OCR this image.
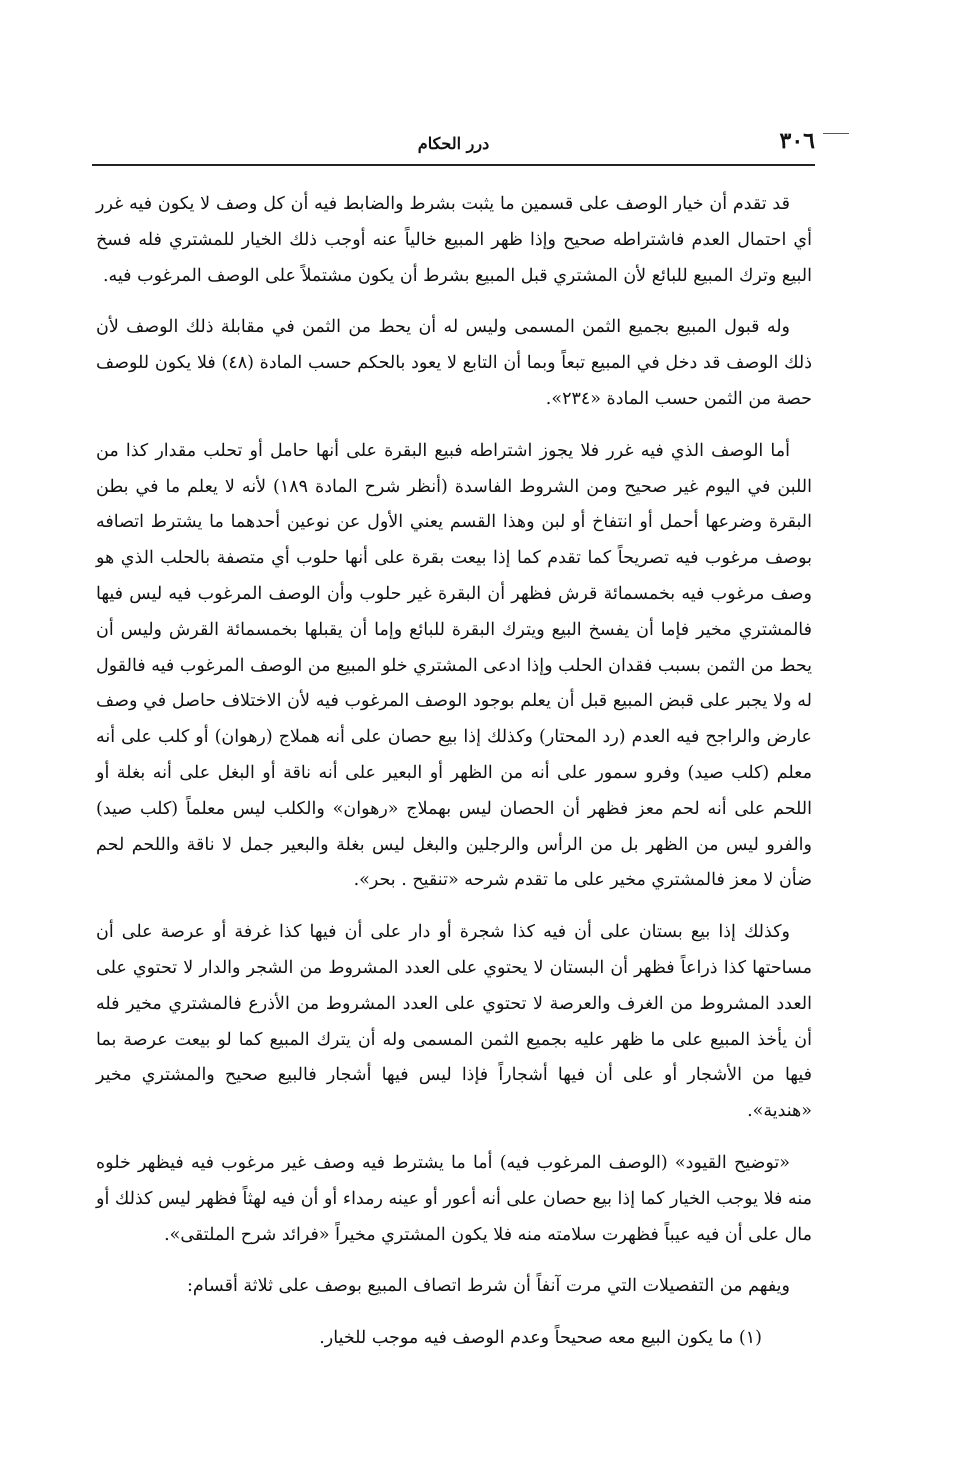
٣٠٦
درر الحكام

قد تقدم أن خيار الوصف على قسمين ما يثبت بشرط والضابط فيه أن كل وصف لا يكون فيه غرر أي احتمال العدم فاشتراطه صحيح وإذا ظهر المبيع خالياً عنه أوجب ذلك الخيار للمشتري فله فسخ البيع وترك المبيع للبائع لأن المشتري قبل المبيع بشرط أن يكون مشتملاً على الوصف المرغوب فيه.

وله قبول المبيع بجميع الثمن المسمى وليس له أن يحط من الثمن في مقابلة ذلك الوصف لأن ذلك الوصف قد دخل في المبيع تبعاً وبما أن التابع لا يعود بالحكم حسب المادة (٤٨) فلا يكون للوصف حصة من الثمن حسب المادة «٢٣٤».

أما الوصف الذي فيه غرر فلا يجوز اشتراطه فبيع البقرة على أنها حامل أو تحلب مقدار كذا من اللبن في اليوم غير صحيح ومن الشروط الفاسدة (أنظر شرح المادة ١٨٩) لأنه لا يعلم ما في بطن البقرة وضرعها أحمل أو انتفاخ أو لبن وهذا القسم يعني الأول عن نوعين أحدهما ما يشترط اتصافه بوصف مرغوب فيه تصريحاً كما تقدم كما إذا بيعت بقرة على أنها حلوب أي متصفة بالحلب الذي هو وصف مرغوب فيه بخمسمائة قرش فظهر أن البقرة غير حلوب وأن الوصف المرغوب فيه ليس فيها فالمشتري مخير فإما أن يفسخ البيع ويترك البقرة للبائع وإما أن يقبلها بخمسمائة القرش وليس أن يحط من الثمن بسبب فقدان الحلب وإذا ادعى المشتري خلو المبيع من الوصف المرغوب فيه فالقول له ولا يجبر على قبض المبيع قبل أن يعلم بوجود الوصف المرغوب فيه لأن الاختلاف حاصل في وصف عارض والراجح فيه العدم (رد المحتار) وكذلك إذا بيع حصان على أنه هملاج (رهوان) أو كلب على أنه معلم (كلب صيد) وفرو سمور على أنه من الظهر أو البعير على أنه ناقة أو البغل على أنه بغلة أو اللحم على أنه لحم معز فظهر أن الحصان ليس بهملاج «رهوان» والكلب ليس معلماً (كلب صيد) والفرو ليس من الظهر بل من الرأس والرجلين والبغل ليس بغلة والبعير جمل لا ناقة واللحم لحم ضأن لا معز فالمشتري مخير على ما تقدم شرحه «تنقيح . بحر».

وكذلك إذا بيع بستان على أن فيه كذا شجرة أو دار على أن فيها كذا غرفة أو عرصة على أن مساحتها كذا ذراعاً فظهر أن البستان لا يحتوي على العدد المشروط من الشجر والدار لا تحتوي على العدد المشروط من الغرف والعرصة لا تحتوي على العدد المشروط من الأذرع فالمشتري مخير فله أن يأخذ المبيع على ما ظهر عليه بجميع الثمن المسمى وله أن يترك المبيع كما لو بيعت عرصة بما فيها من الأشجار أو على أن فيها أشجاراً فإذا ليس فيها أشجار فالبيع صحيح والمشتري مخير «هندية».

«توضيح القيود» (الوصف المرغوب فيه) أما ما يشترط فيه وصف غير مرغوب فيه فيظهر خلوه منه فلا يوجب الخيار كما إذا بيع حصان على أنه أعور أو عينه رمداء أو أن فيه لهثاً فظهر ليس كذلك أو مال على أن فيه عيباً فظهرت سلامته منه فلا يكون المشتري مخيراً «فرائد شرح الملتقى».

ويفهم من التفصيلات التي مرت آنفاً أن شرط اتصاف المبيع بوصف على ثلاثة أقسام:

(١) ما يكون البيع معه صحيحاً وعدم الوصف فيه موجب للخيار.
